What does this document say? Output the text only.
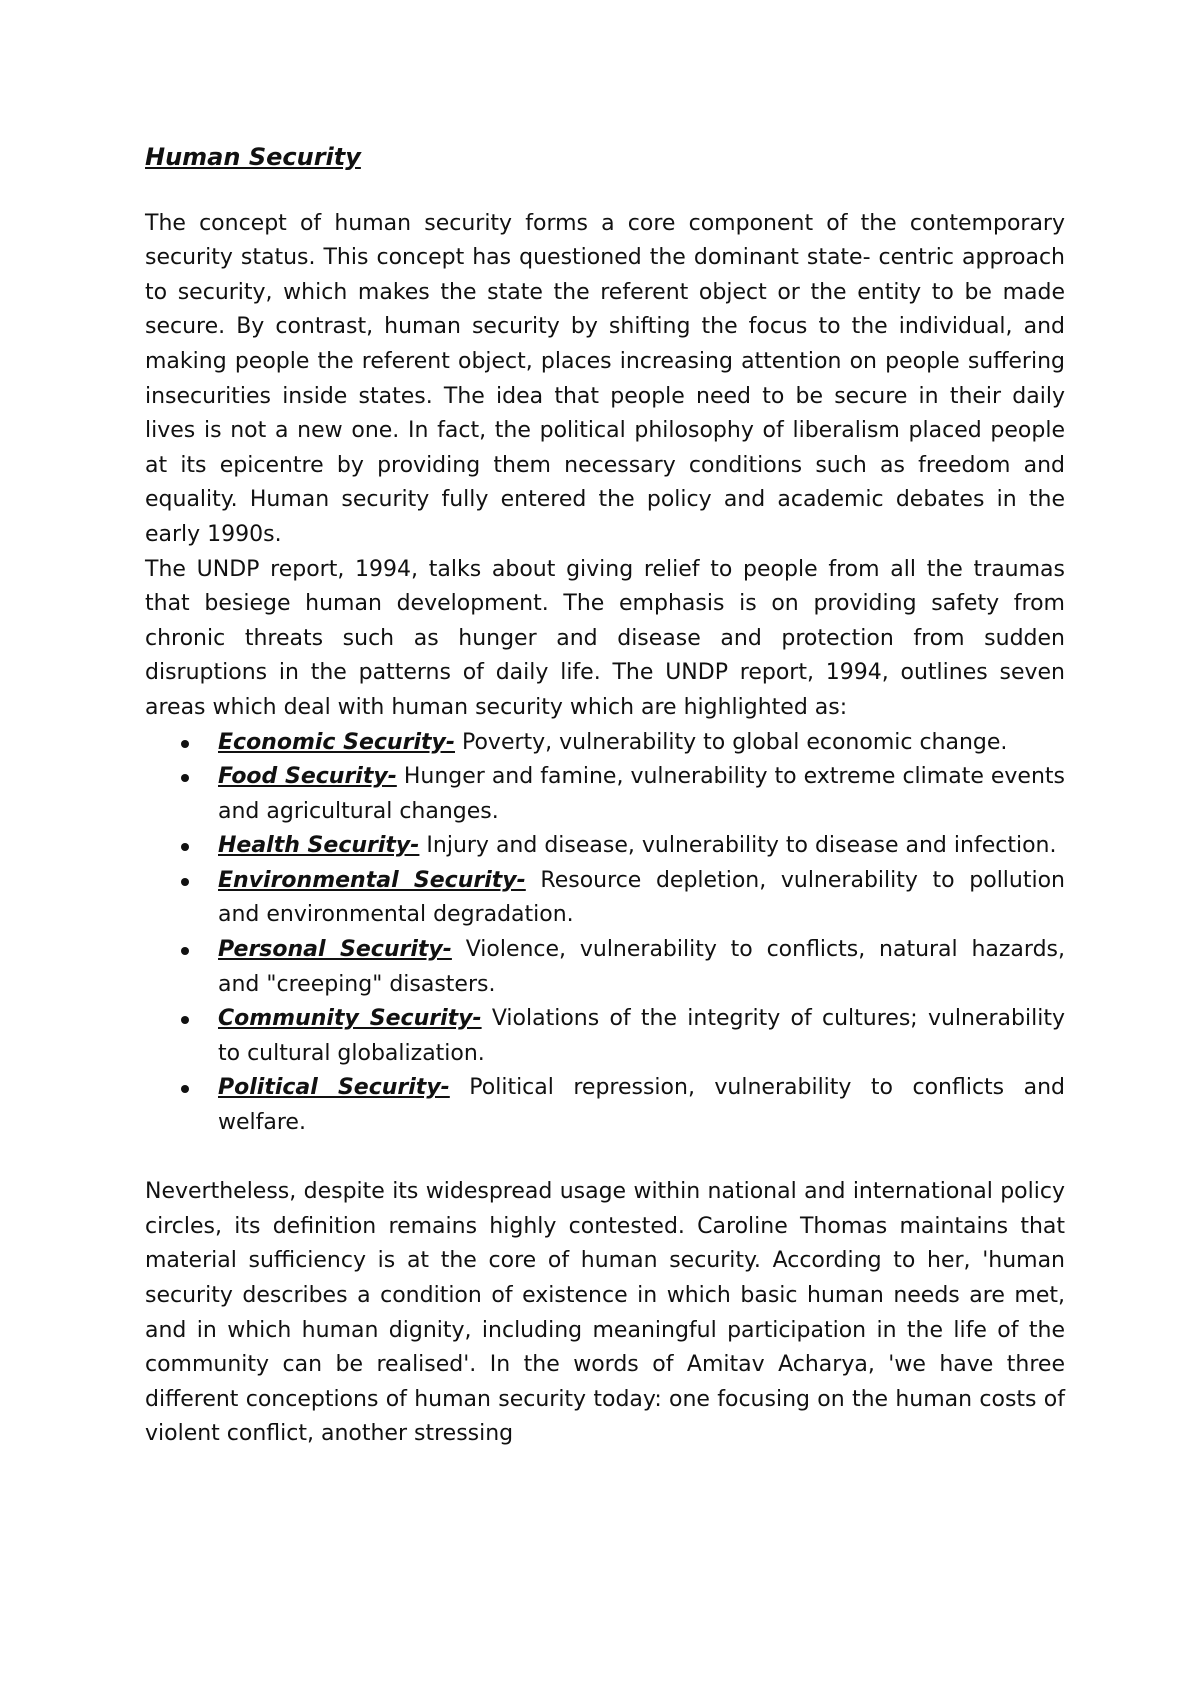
Human Security

The concept of human security forms a core component of the contemporary security status. This concept has questioned the dominant state- centric approach to security, which makes the state the referent object or the entity to be made secure. By contrast, human security by shifting the focus to the individual, and making people the referent object, places increasing attention on people suffering insecurities inside states. The idea that people need to be secure in their daily lives is not a new one. In fact, the political philosophy of liberalism placed people at its epicentre by providing them necessary conditions such as freedom and equality. Human security fully entered the policy and academic debates in the early 1990s.

The UNDP report, 1994, talks about giving relief to people from all the traumas that besiege human development. The emphasis is on providing safety from chronic threats such as hunger and disease and protection from sudden disruptions in the patterns of daily life. The UNDP report, 1994, outlines seven areas which deal with human security which are highlighted as:

Economic Security- Poverty, vulnerability to global economic change.
Food Security- Hunger and famine, vulnerability to extreme climate events and agricultural changes.
Health Security- Injury and disease, vulnerability to disease and infection.
Environmental Security- Resource depletion, vulnerability to pollution and environmental degradation.
Personal Security- Violence, vulnerability to conflicts, natural hazards, and "creeping" disasters.
Community Security- Violations of the integrity of cultures; vulnerability to cultural globalization.
Political Security- Political repression, vulnerability to conflicts and welfare.

Nevertheless, despite its widespread usage within national and international policy circles, its definition remains highly contested. Caroline Thomas maintains that material sufficiency is at the core of human security. According to her, 'human security describes a condition of existence in which basic human needs are met, and in which human dignity, including meaningful participation in the life of the community can be realised'. In the words of Amitav Acharya, 'we have three different conceptions of human security today: one focusing on the human costs of violent conflict, another stressing
